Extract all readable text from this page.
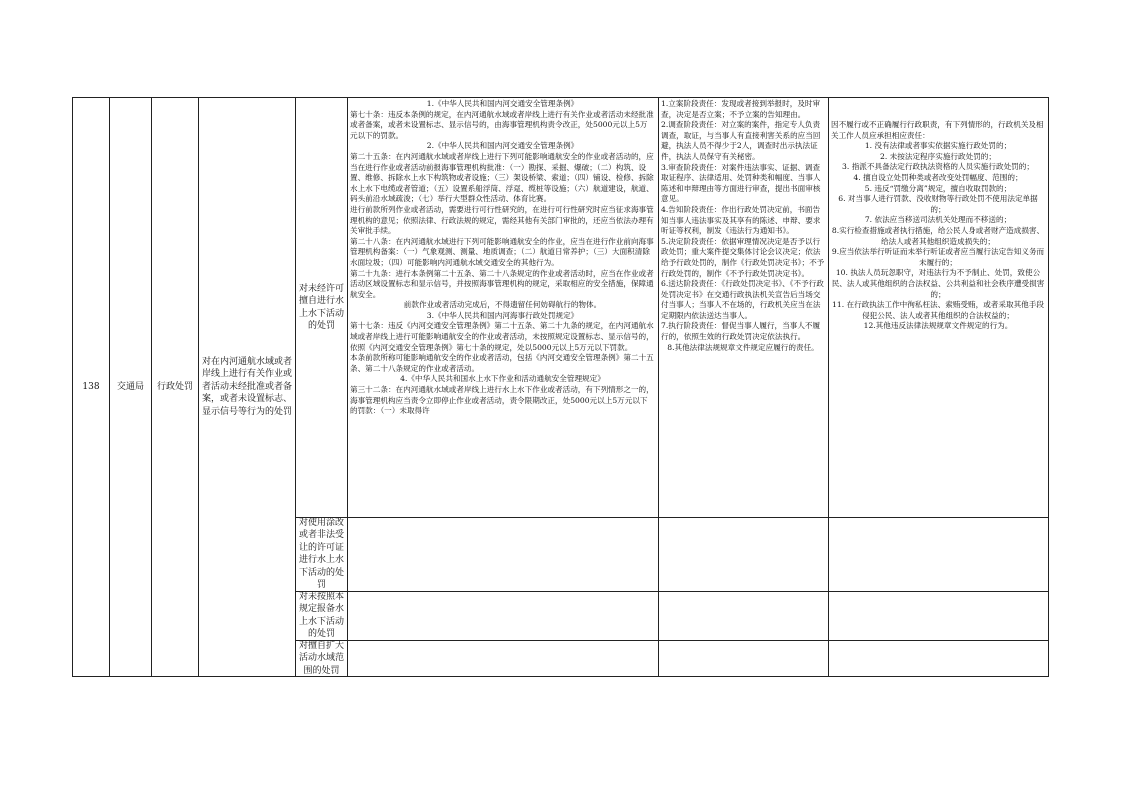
138 交通局 行政处罚
对在内河通航水域或者岸线上进行有关作业或者活动未经批准或者备案，或者未设置标志、显示信号等行为的处罚
对未经许可擅自进行水上水下活动的处罚
对使用涂改或者非法受让的许可证进行水上水下活动的处罚
对未按照本规定报备水上水下活动的处罚
对擅自扩大活动水域范围的处罚

1.《中华人民共和国内河交通安全管理条例》

第七十条：违反本条例的规定，在内河通航水域或者岸线上进行有关作业或者活动未经批准或者备案，或者未设置标志、显示信号的，由海事管理机构责令改正，处5000元以上5万元以下的罚款。

2.《中华人民共和国内河交通安全管理条例》

第二十五条：在内河通航水域或者岸线上进行下列可能影响通航安全的作业或者活动的，应当在进行作业或者活动前报海事管理机构批准：（一）勘探、采掘、爆破；（二）构筑、设置、维修、拆除水上水下构筑物或者设施；（三）架设桥梁、索道；（四）铺设、检修、拆除水上水下电缆或者管道；（五）设置系船浮筒、浮趸、缆桩等设施；（六）航道建设，航道、码头前沿水域疏浚；（七）举行大型群众性活动、体育比赛。

进行前款所列作业或者活动，需要进行可行性研究的，在进行可行性研究时应当征求海事管理机构的意见；依照法律、行政法规的规定，需经其他有关部门审批的，还应当依法办理有关审批手续。

第二十八条：在内河通航水域进行下列可能影响通航安全的作业，应当在进行作业前向海事管理机构备案：（一）气象观测、测量、地质调查；（二）航道日常养护；（三）大面积清除水面垃圾；（四）可能影响内河通航水域交通安全的其他行为。

第二十九条：进行本条例第二十五条、第二十八条规定的作业或者活动时，应当在作业或者活动区域设置标志和显示信号，并按照海事管理机构的规定，采取相应的安全措施，保障通航安全。

前款作业或者活动完成后，不得遗留任何妨碍航行的物体。

3.《中华人民共和国内河海事行政处罚规定》

第十七条：违反《内河交通安全管理条例》第二十五条、第二十九条的规定，在内河通航水域或者岸线上进行可能影响通航安全的作业或者活动，未按照规定设置标志、显示信号的，依照《内河交通安全管理条例》第七十条的规定，处以5000元以上5万元以下罚款。

本条前款所称可能影响通航安全的作业或者活动，包括《内河交通安全管理条例》第二十五条、第二十八条规定的作业或者活动。

4.《中华人民共和国水上水下作业和活动通航安全管理规定》

第三十二条：在内河通航水域或者岸线上进行水上水下作业或者活动，有下列情形之一的，海事管理机构应当责令立即停止作业或者活动，责令限期改正，处5000元以上5万元以下的罚款：（一）未取得许

1.立案阶段责任：发现或者接到举报时，及时审查，决定是否立案；不予立案的告知理由。

2.调查阶段责任：对立案的案件，指定专人负责调查，取证，与当事人有直接利害关系的应当回避，执法人员不得少于2人，调查时出示执法证件，执法人员保守有关秘密。

3.审查阶段责任：对案件违法事实、证据、调查取证程序、法律适用、处罚种类和幅度、当事人陈述和申辩理由等方面进行审查，提出书面审核意见。

4.告知阶段责任：作出行政处罚决定前，书面告知当事人违法事实及其享有的陈述、申辩、要求听证等权利，制发《违法行为通知书》。

5.决定阶段责任：依据审理情况决定是否予以行政处罚；重大案件提交集体讨论会议决定；依法给予行政处罚的，制作《行政处罚决定书》；不予行政处罚的，制作《不予行政处罚决定书》。

6.送达阶段责任：《行政处罚决定书》、《不予行政处罚决定书》在交通行政执法机关宣告后当场交付当事人；当事人不在场的，行政机关应当在法定期限内依法送达当事人。

7.执行阶段责任：督促当事人履行，当事人不履行的，依照生效的行政处罚决定依法执行。

8.其他法律法规规章文件规定应履行的责任。

因不履行或不正确履行行政职责，有下列情形的，行政机关及相关工作人员应承担相应责任：

1. 没有法律或者事实依据实施行政处罚的；

2. 未按法定程序实施行政处罚的；

3. 指派不具备法定行政执法资格的人员实施行政处罚的；

4. 擅自设立处罚种类或者改变处罚幅度、范围的；

5. 违反“罚缴分离”规定，擅自收取罚款的；

6. 对当事人进行罚款、没收财物等行政处罚不使用法定单据的；

7. 依法应当移送司法机关处理而不移送的；

8.实行检查措施或者执行措施，给公民人身或者财产造成损害、给法人或者其他组织造成损失的；

9.应当依法举行听证而未举行听证或者应当履行法定告知义务而未履行的；

10. 执法人员玩忽职守，对违法行为不予制止、处罚，致使公民、法人或其他组织的合法权益、公共利益和社会秩序遭受损害的；

11. 在行政执法工作中徇私枉法、索贿受贿，或者采取其他手段侵犯公民、法人或者其他组织的合法权益的；

12.其他违反法律法规规章文件规定的行为。
